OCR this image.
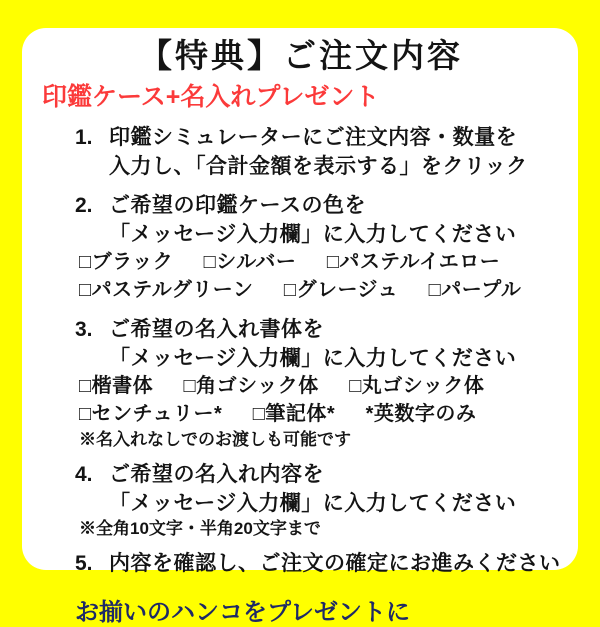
【特典】ご注文内容
印鑑ケース+名入れプレゼント
1. 印鑑シミュレーターにご注文内容・数量を
入力し、「合計金額を表示する」をクリック
2. ご希望の印鑑ケースの色を
「メッセージ入力欄」に入力してください
□ブラック □シルバー □パステルイエロー
□パステルグリーン □グレージュ □パープル
3. ご希望の名入れ書体を
「メッセージ入力欄」に入力してください
□楷書体 □角ゴシック体 □丸ゴシック体
□センチュリー* □筆記体* *英数字のみ
※名入れなしでのお渡しも可能です
4. ご希望の名入れ内容を
「メッセージ入力欄」に入力してください
※全角10文字・半角20文字まで
5. 内容を確認し、ご注文の確定にお進みください
お揃いのハンコをプレゼントに
